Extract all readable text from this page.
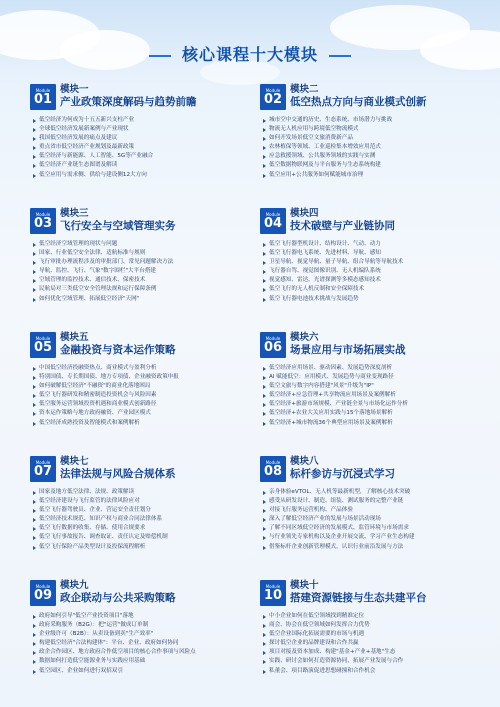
核心课程十大模块
Module
01
模块一
产业政策深度解码与趋势前瞻
低空经济为何成为十五五新兴支柱产业
全球低空经济发展新案例与产业现状
我国低空经济发展的痛点及建议
重点省市低空经济产业规划及最新政策
低空经济与新能源、人工智能、5G等产业融合
低空经济产业链生态图谱及解读
低空应用与需求侧、供给与建设侧12大方向
Module
02
模块二
低空热点方向与商业模式创新
城市空中交通的历史、生态系统、市场潜力与挑战
物流无人机应用与跨境低空物流模式
如何开发场景低空文旅消费新产品
农林植保等领域、工业巡检集本增效应用范式
应急救援领域、公共服务领域的实践与实测
低空数据物联网及与平台服务与生态系统构建
低空应用+公共服务如何赋能城市治理
Module
03
模块三
飞行安全与空域管理实务
低空经济空域管理的现状与问题
国家、行业低空安全法律、适航标准与规则
飞行审批办理流程涉及的审批部门、常见问题解决方法
导航、监控、飞行、气象"数字围栏"大平台搭建
空域管理的监控技术、通信技术、保密技术
民航局对三类低空安全管理法规和运行保障条例
如何优化空域管理、拓展低空经济"天网"
Module
04
模块四
技术破壁与产业链协同
低空飞行器型机设计、结构设计、气动、动力
低空飞行器电飞系统、先进材料、导航、感知
卫星导航、视觉导航、量子导航、组合导航等导航技术
飞行器自驾、视觉图像识别、无人机编队系统
视觉感知、雷达、光谱探测等多模态感知技术
低空飞行的无人机反制和安全保障技术
低空飞行器电池技术挑战与发展趋势
Module
05
模块五
金融投资与资本运作策略
中国低空经济投融资热点、商业模式与盈利分析
特别国债、专长期国债、地方专项债、企业融资政策申报
如何破解低空经济"不融资"的商业化落地困局
低空飞行器研发和精密制造投资机会与风险因素
低空服务运营领域投资机遇和商业模式创新路径
资本运作策略与地方政府融资、产业园区模式
低空经济成熟投资及智能模式和案例解析
Module
06
模块六
场景应用与市场拓展实战
低空经济应用场景、驱动因素、发展趋势深度剖析
AI 赋能低空：应用模式、发展趋势与商业变现路径
低空文旅与数字内容搭建"风景"升级为"IP"
低空经济+应急管理+共享物流应用场景及案例解析
低空经济+旅游市场规模、产业链全景与市场化运作分析
低空经济+农业大关应用实践与15个落地场景解析
低空经济+城市物流36个典型应用场景及案例解析
Module
07
模块七
法律法规与风险合规体系
国家及地方低空法律、法规、政策解读
低空经济建设与飞行监管的法律风险应对
低空飞行器驾驶员、企业、营运安全责任划分
低空经济技术规范、知识产权与商业合同法律体系
低空飞行数据的收集、存储、使用合规要求
低空飞行事故报告、调查取证、责任认定及赔偿机制
低空飞行保险产品类型设计及投保流程解析
Module
08
模块八
标杆参访与沉浸式学习
亲身体验eVTOL、无人机等最新机型，了解核心技术突破
感受从研发设计、制造、组装、测试服务的完整产业链
对接飞行服务运营机构、产品体验
深入了解低空经济产业的发展与场景活动现场
了解不同区域低空经济的发展模式、监管环境与市场需求
与行业领先专家机构以及企业开展交流、学习产业生态构建
借鉴标杆企业创新管理模式，认识行业前沿发展与方法
Module
09
模块九
政企联动与公共采购策略
政府如何引导"低空产业投资项目"落地
政府采购服务（B2G）：把"运营"做成订单制
企业级许可（B2B）：从卖设备到卖"生产效率"
构建低空经济"合法构建体"：平台、企业、政府如何协同
政企合作园区、地方政府合作低空项目的核心合作事项与风险点
数据如何打造低空能源业务与实践应用基础
低空园区、企业如何进行双招双引
Module
10
模块十
搭建资源链接与生态共建平台
中小企业如何在低空领域找到精准定位
商会、协会在低空领域如何发挥合力优势
低空企业国际化拓展需要的市场与机遇
探讨低空企业的品牌建设和合作共赢
项目对接及资本加成、构建"基金+产业+基地"生态
实践、研讨会如何打造资源协同，拓展产业发展与合作
私董会、项目路演促进思想碰撞和合作机会
